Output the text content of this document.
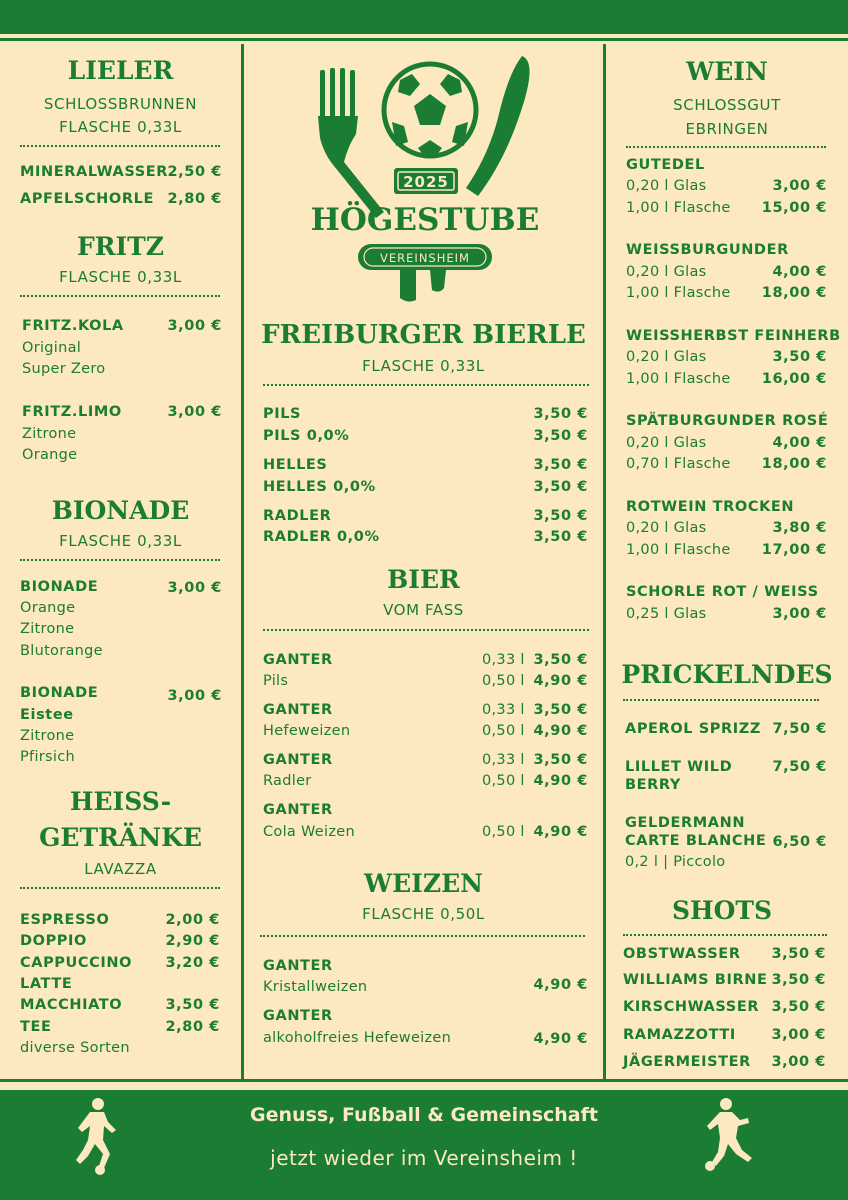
LIELER
SCHLOSSBRUNNEN
FLASCHE 0,33L
MINERALWASSER 2,50 €
APFELSCHORLE 2,80 €
FRITZ
FLASCHE 0,33L
FRITZ.KOLA	3,00 €
Original
Super Zero
FRITZ.LIMO	3,00 €
Zitrone
Orange
BIONADE
FLASCHE 0,33L
BIONADE	3,00 €
Orange
Zitrone
Blutorange
BIONADE	3,00 €
Eistee
Zitrone
Pfirsich
HEISS-
GETRÄNKE
LAVAZZA
ESPRESSO	2,00 €
DOPPIO	2,90 €
CAPPUCCINO	3,20 €
LATTE
MACCHIATO	3,50 €
TEE	2,80 €
diverse Sorten
2025
HÖGESTUBE
VEREINSHEIM
FREIBURGER BIERLE
FLASCHE 0,33L
PILS	3,50 €
PILS 0,0%	3,50 €
HELLES	3,50 €
HELLES 0,0%	3,50 €
RADLER	3,50 €
RADLER 0,0%	3,50 €
BIER
VOM FASS
GANTER
Pils
0,33 l 3,50 €
0,50 l 4,90 €
GANTER
Hefeweizen
0,33 l 3,50 €
0,50 l 4,90 €
GANTER
Radler
0,33 l 3,50 €
0,50 l 4,90 €
GANTER
Cola Weizen	0,50 l 4,90 €
WEIZEN
FLASCHE 0,50L
GANTER
Kristallweizen	4,90 €
GANTER
alkoholfreies Hefeweizen	4,90 €
WEIN
SCHLOSSGUT
EBRINGEN
GUTEDEL
0,20 l Glas	3,00 €
1,00 l Flasche	15,00 €
WEISSBURGUNDER
0,20 l Glas	4,00 €
1,00 l Flasche	18,00 €
WEISSHERBST FEINHERB
0,20 l Glas	3,50 €
1,00 l Flasche	16,00 €
SPÄTBURGUNDER ROSÉ
0,20 l Glas	4,00 €
0,70 l Flasche	18,00 €
ROTWEIN TROCKEN
0,20 l Glas	3,80 €
1,00 l Flasche	17,00 €
SCHORLE ROT / WEISS
0,25 l Glas	3,00 €
PRICKELNDES
APEROL SPRIZZ 7,50 €
LILLET WILD
BERRY
7,50 €
GELDERMANN
CARTE BLANCHE 6,50 €
0,2 l | Piccolo
SHOTS
OBSTWASSER	3,50 €
WILLIAMS BIRNE 3,50 €
KIRSCHWASSER 3,50 €
RAMAZZOTTI	3,00 €
JÄGERMEISTER	3,00 €
Genuss, Fußball & Gemeinschaft
jetzt wieder im Vereinsheim !
